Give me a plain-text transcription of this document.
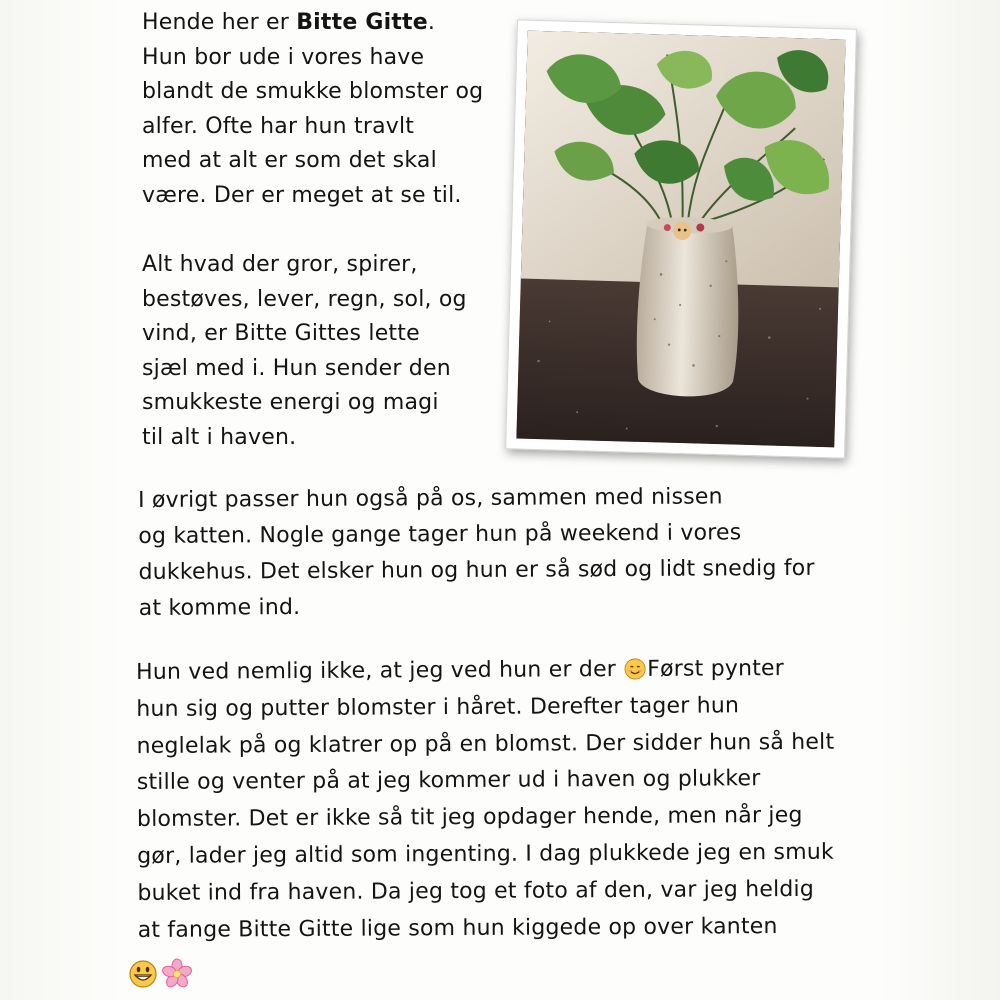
Hende her er Bitte Gitte.
Hun bor ude i vores have
blandt de smukke blomster og
alfer. Ofte har hun travlt
med at alt er som det skal
være. Der er meget at se til.
Alt hvad der gror, spirer,
bestøves, lever, regn, sol, og
vind, er Bitte Gittes lette
sjæl med i. Hun sender den
smukkeste energi og magi
til alt i haven.
I øvrigt passer hun også på os, sammen med nissen
og katten. Nogle gange tager hun på weekend i vores
dukkehus. Det elsker hun og hun er så sød og lidt snedig for
at komme ind.
Hun ved nemlig ikke, at jeg ved hun er der Først pynter
hun sig og putter blomster i håret. Derefter tager hun
neglelak på og klatrer op på en blomst. Der sidder hun så helt
stille og venter på at jeg kommer ud i haven og plukker
blomster. Det er ikke så tit jeg opdager hende, men når jeg
gør, lader jeg altid som ingenting. I dag plukkede jeg en smuk
buket ind fra haven. Da jeg tog et foto af den, var jeg heldig
at fange Bitte Gitte lige som hun kiggede op over kanten
